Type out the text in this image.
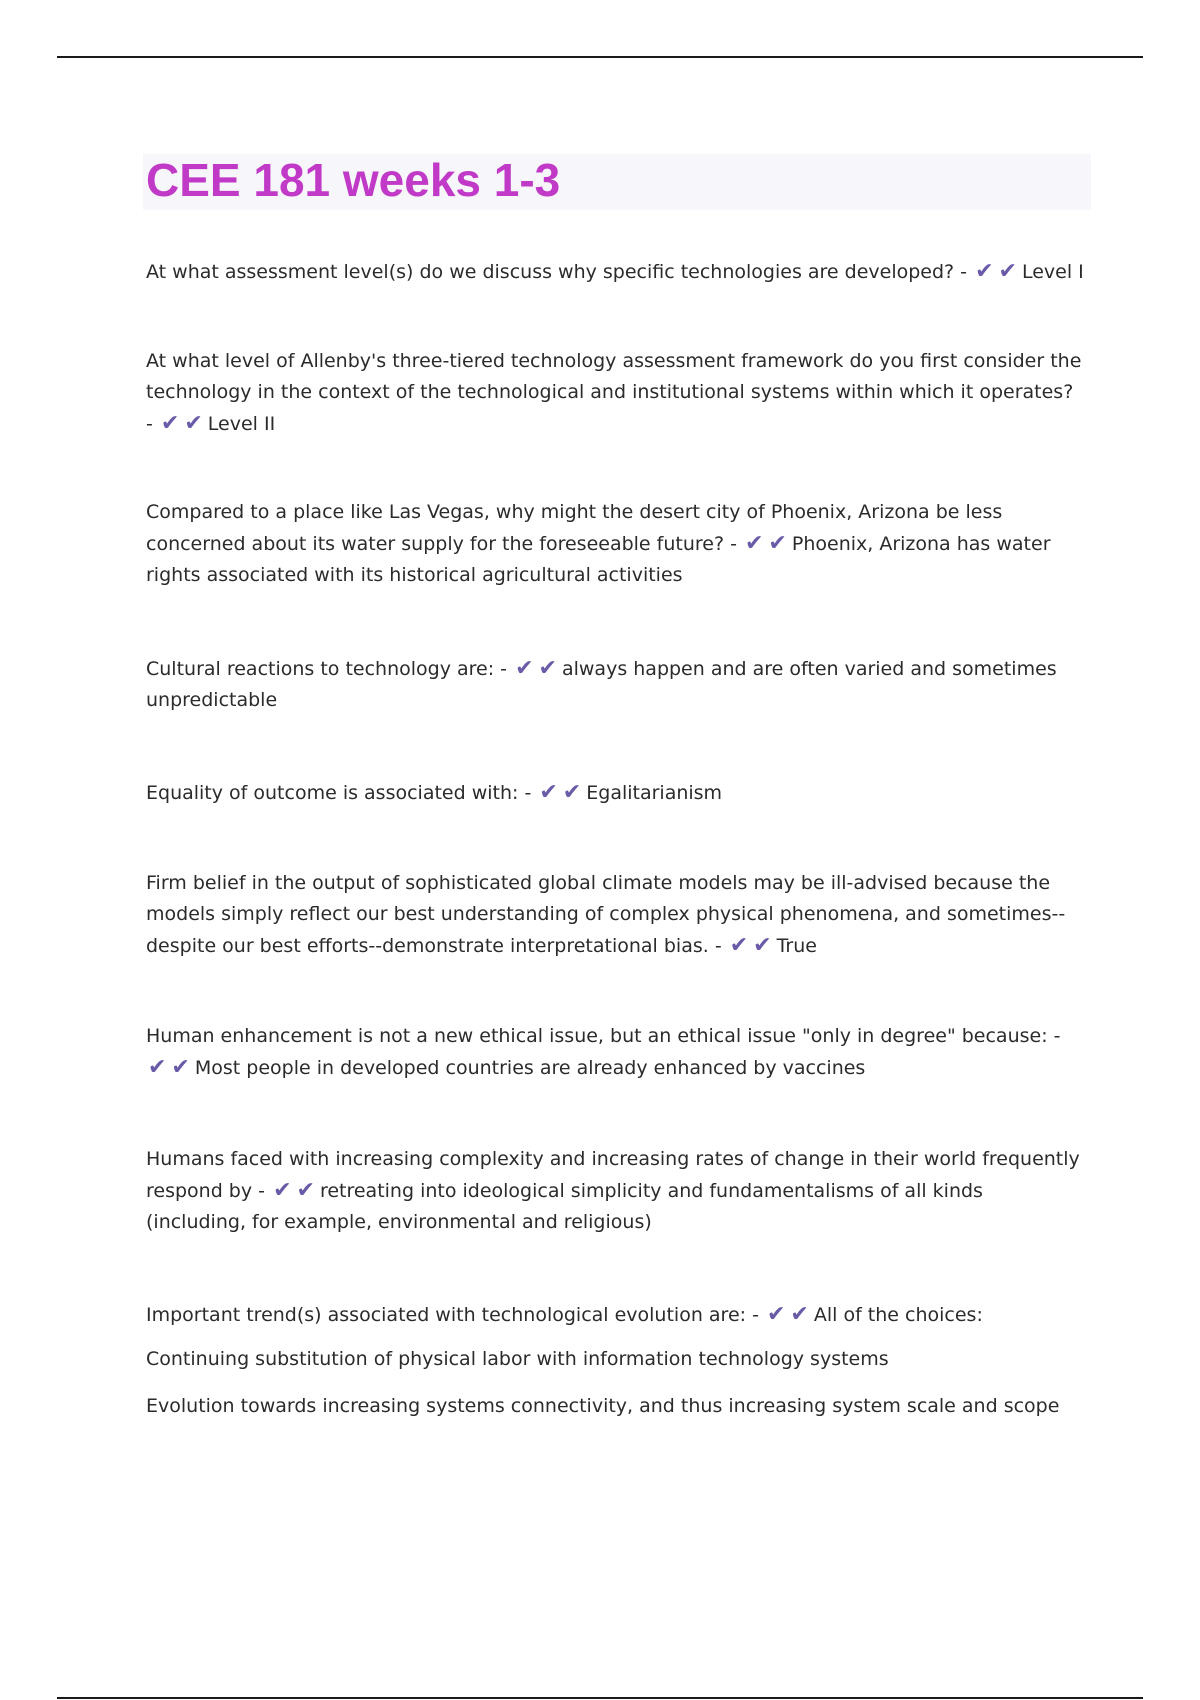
CEE 181 weeks 1-3

At what assessment level(s) do we discuss why specific technologies are developed? - ✔✔Level I

At what level of Allenby's three-tiered technology assessment framework do you first consider the technology in the context of the technological and institutional systems within which it operates? - ✔✔Level II

Compared to a place like Las Vegas, why might the desert city of Phoenix, Arizona be less concerned about its water supply for the foreseeable future? - ✔✔Phoenix, Arizona has water rights associated with its historical agricultural activities

Cultural reactions to technology are: - ✔✔always happen and are often varied and sometimes unpredictable

Equality of outcome is associated with: - ✔✔Egalitarianism

Firm belief in the output of sophisticated global climate models may be ill-advised because the models simply reflect our best understanding of complex physical phenomena, and sometimes--despite our best efforts--demonstrate interpretational bias. - ✔✔True

Human enhancement is not a new ethical issue, but an ethical issue "only in degree" because: - ✔✔Most people in developed countries are already enhanced by vaccines

Humans faced with increasing complexity and increasing rates of change in their world frequently respond by - ✔✔retreating into ideological simplicity and fundamentalisms of all kinds (including, for example, environmental and religious)

Important trend(s) associated with technological evolution are: - ✔✔All of the choices:

Continuing substitution of physical labor with information technology systems

Evolution towards increasing systems connectivity, and thus increasing system scale and scope
